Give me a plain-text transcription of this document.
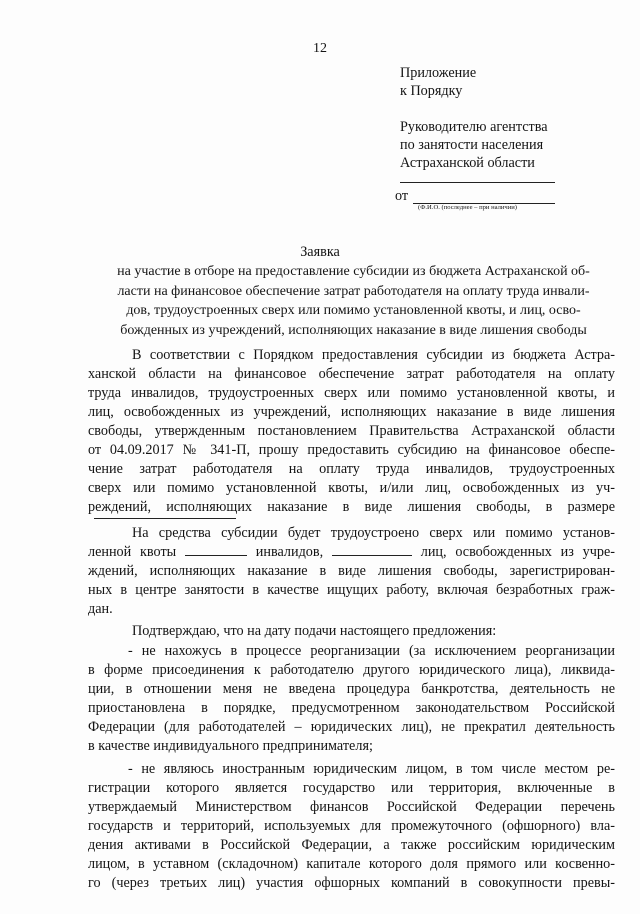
12
Приложение
к Порядку
Руководителю агентства
по занятости населения
Астраханской области
от
(Ф.И.О. (последнее – при наличии)
Заявка
на участие в отборе на предоставление субсидии из бюджета Астраханской об-
ласти на финансовое обеспечение затрат работодателя на оплату труда инвали-
дов, трудоустроенных сверх или помимо установленной квоты, и лиц, осво-
божденных из учреждений, исполняющих наказание в виде лишения свободы
В соответствии с Порядком предоставления субсидии из бюджета Астра-
ханской области на финансовое обеспечение затрат работодателя на оплату
труда инвалидов, трудоустроенных сверх или помимо установленной квоты, и
лиц, освобожденных из учреждений, исполняющих наказание в виде лишения
свободы, утвержденным постановлением Правительства Астраханской области
от 04.09.2017 № 341-П, прошу предоставить субсидию на финансовое обеспе-
чение затрат работодателя на оплату труда инвалидов, трудоустроенных
сверх или помимо установленной квоты, и/или лиц, освобожденных из уч-
реждений, исполняющих наказание в виде лишения свободы, в размере
На средства субсидии будет трудоустроено сверх или помимо установ-
ленной квоты	инвалидов,	лиц, освобожденных из учре-
ждений, исполняющих наказание в виде лишения свободы, зарегистрирован-
ных в центре занятости в качестве ищущих работу, включая безработных граж-
дан.
Подтверждаю, что на дату подачи настоящего предложения:
- не нахожусь в процессе реорганизации (за исключением реорганизации
в форме присоединения к работодателю другого юридического лица), ликвида-
ции, в отношении меня не введена процедура банкротства, деятельность не
приостановлена в порядке, предусмотренном законодательством Российской
Федерации (для работодателей – юридических лиц), не прекратил деятельность
в качестве индивидуального предпринимателя;
- не являюсь иностранным юридическим лицом, в том числе местом ре-
гистрации которого является государство или территория, включенные в
утверждаемый Министерством финансов Российской Федерации перечень
государств и территорий, используемых для промежуточного (офшорного) вла-
дения активами в Российской Федерации, а также российским юридическим
лицом, в уставном (складочном) капитале которого доля прямого или косвенно-
го (через третьих лиц) участия офшорных компаний в совокупности превы-
